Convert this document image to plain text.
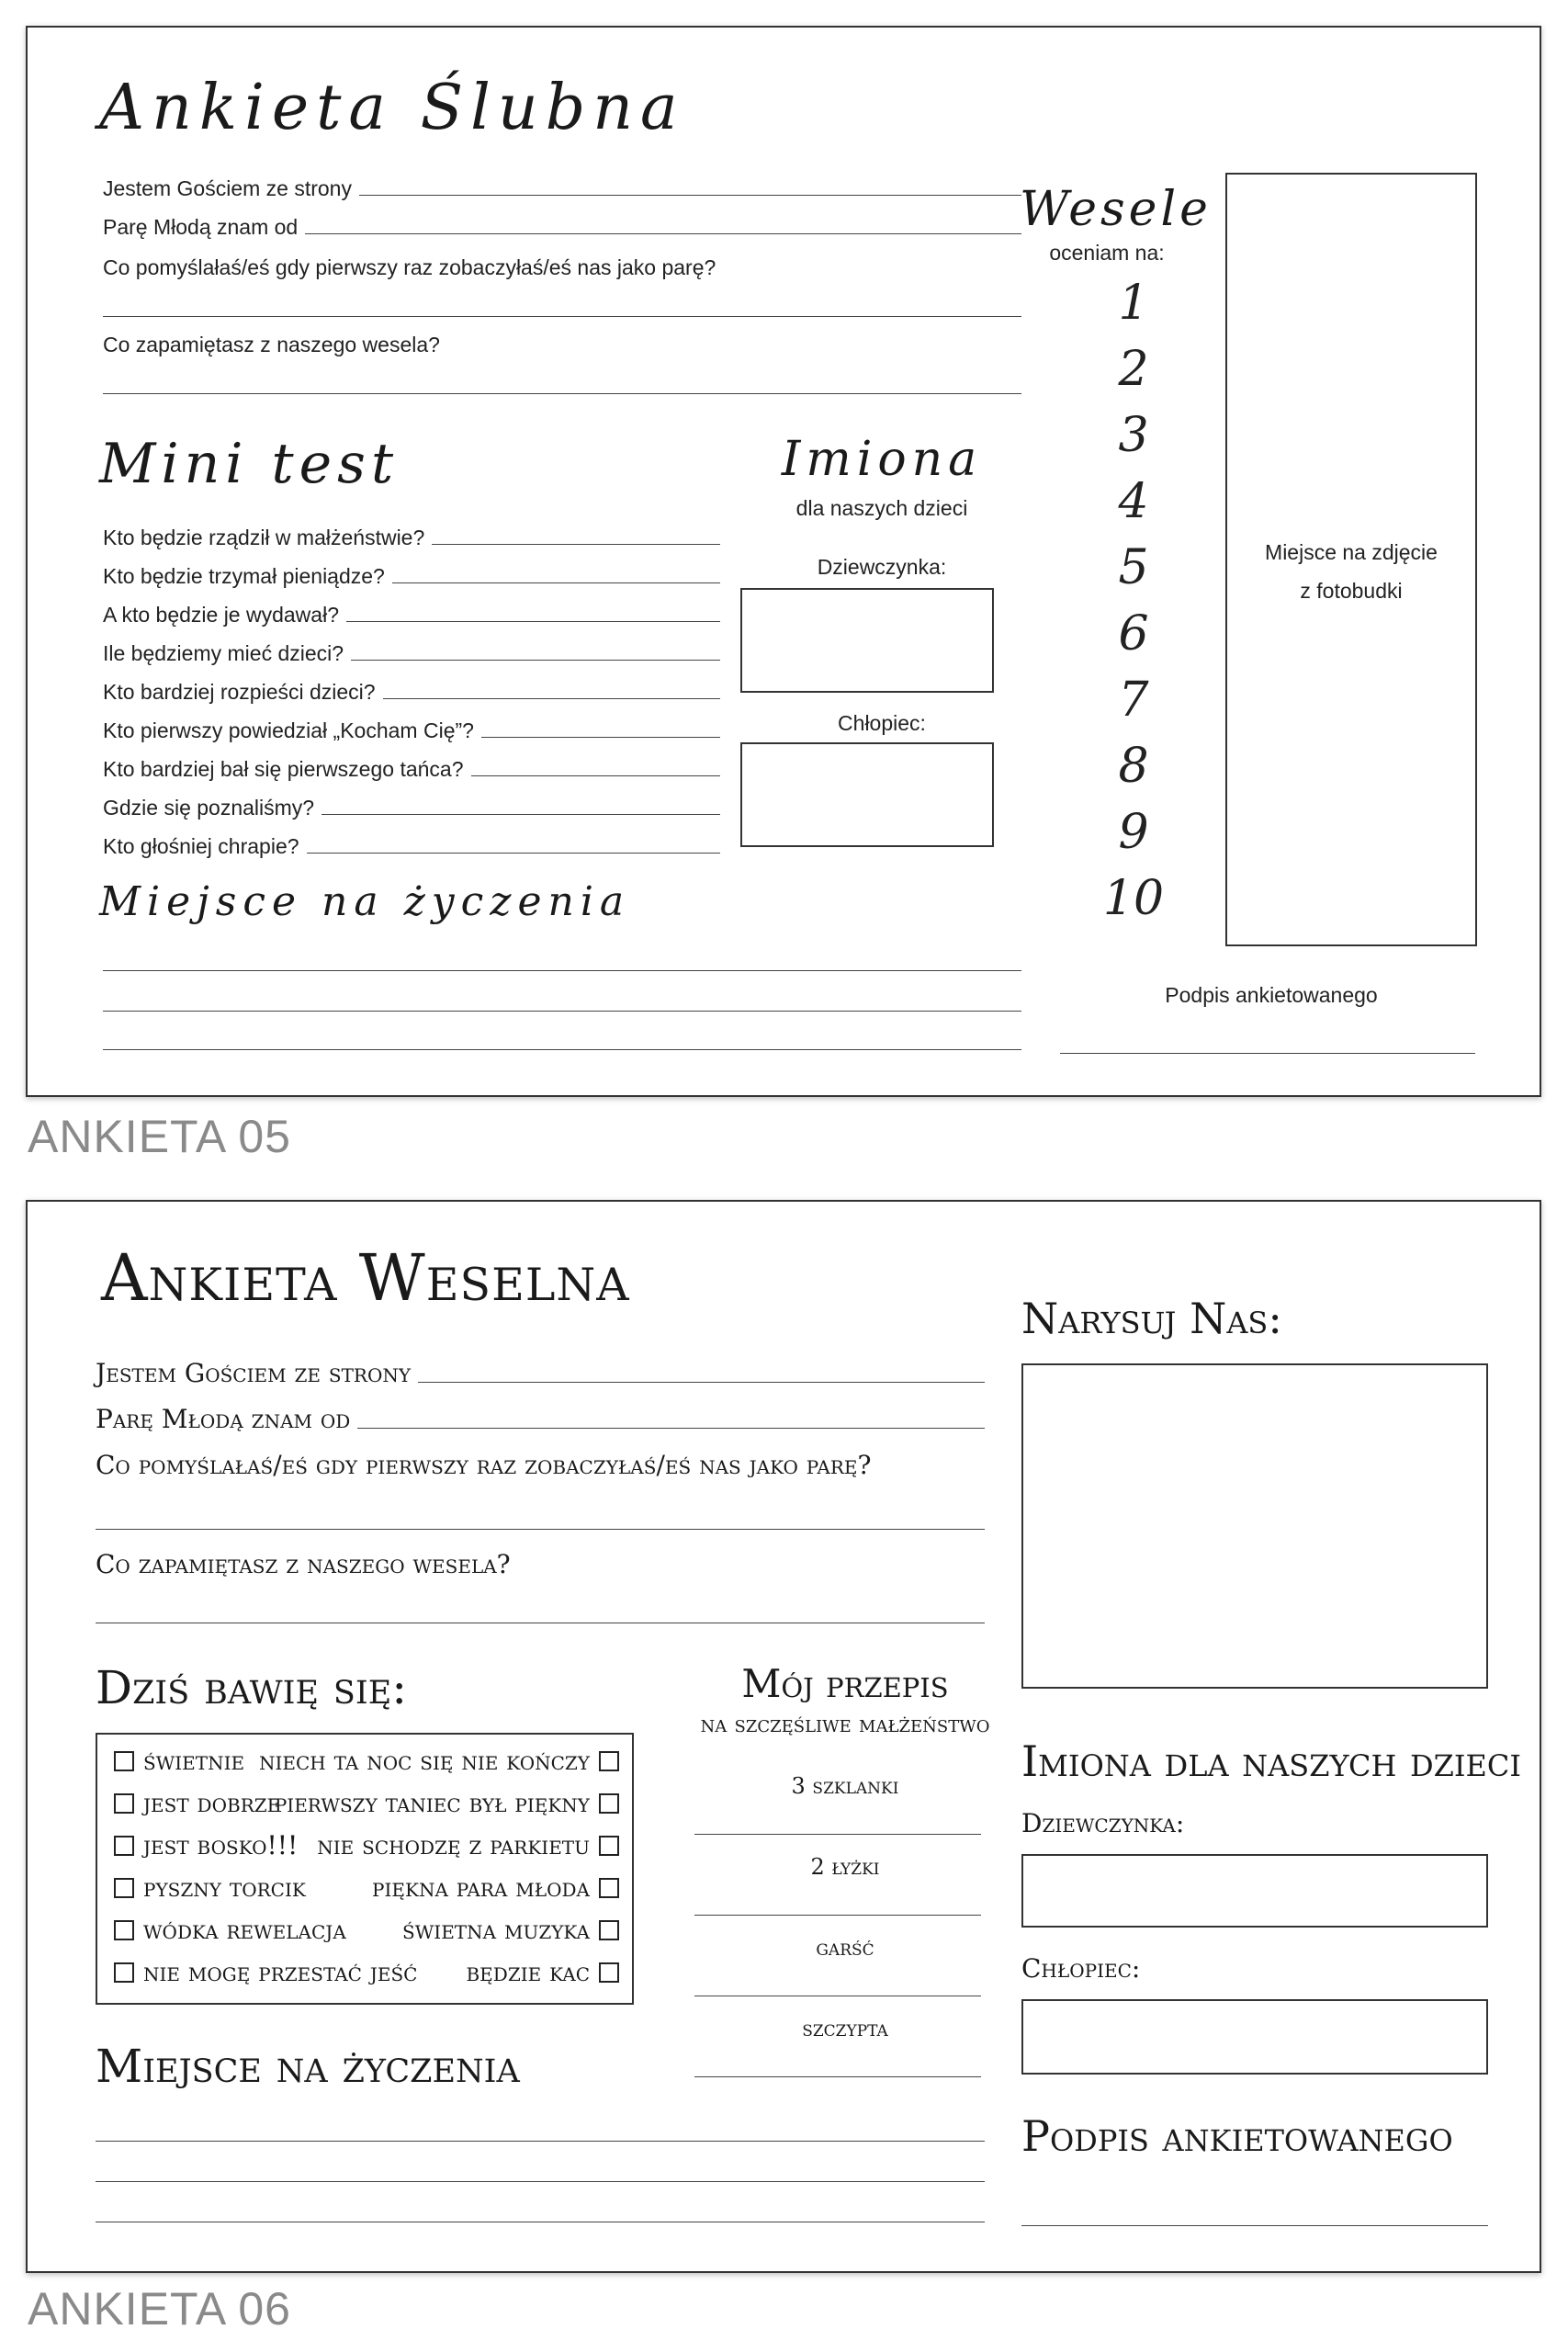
Ankieta Ślubna
Jestem Gościem ze strony
Parę Młodą znam od
Co pomyślałaś/eś gdy pierwszy raz zobaczyłaś/eś nas jako parę?
Co zapamiętasz z naszego wesela?
Mini test
Kto będzie rządził w małżeństwie?
Kto będzie trzymał pieniądze?
A kto będzie je wydawał?
Ile będziemy mieć dzieci?
Kto bardziej rozpieści dzieci?
Kto pierwszy powiedział „Kocham Cię”?
Kto bardziej bał się pierwszego tańca?
Gdzie się poznaliśmy?
Kto głośniej chrapie?
Imiona
dla naszych dzieci
Dziewczynka:
Chłopiec:
Wesele
oceniam na:
1
2
3
4
5
6
7
8
9
10
Miejsce na zdjęcie
z fotobudki
Miejsce na życzenia
Podpis ankietowanego
ANKIETA 05
Ankieta Weselna
Jestem Gościem ze strony
Parę Młodą znam od
Co pomyślałaś/eś gdy pierwszy raz zobaczyłaś/eś nas jako parę?
Co zapamiętasz z naszego wesela?
Dziś bawię się:
świetnie niech ta noc się nie kończy
jest dobrze
pierwszy taniec był piękny
jest bosko!!! nie schodzę z parkietu
pyszny torcik	piękna para młoda
wódka rewelacja świetna muzyka
nie mogę przestać jeść będzie kac
Mój przepis
na szczęśliwe małżeństwo
3 szklanki
2 łyżki
garść
szczypta
Miejsce na życzenia
Narysuj Nas:
Imiona dla naszych dzieci
Dziewczynka:
Chłopiec:
Podpis ankietowanego
ANKIETA 06
